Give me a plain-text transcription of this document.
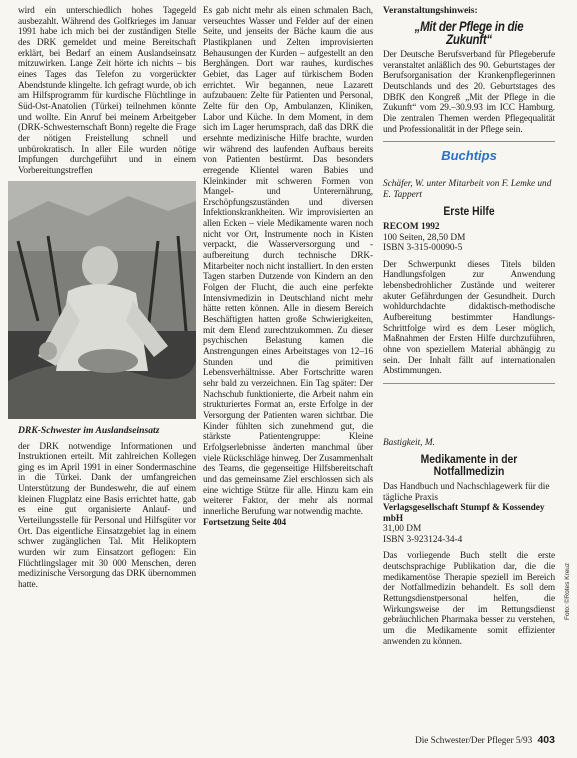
wird ein unterschiedlich hohes Tagegeld ausbezahlt. Während des Golfkrieges im Januar 1991 habe ich mich bei der zuständigen Stelle des DRK gemeldet und meine Bereitschaft erklärt, bei Bedarf an einem Auslandseinsatz mitzuwirken. Lange Zeit hörte ich nichts – bis eines Tages das Telefon zu vorgerückter Abendstunde klingelte. Ich gefragt wurde, ob ich am Hilfsprogramm für kurdische Flüchtlinge in Süd-Ost-Anatolien (Türkei) teilnehmen könnte und wollte. Ein Anruf bei meinem Arbeitgeber (DRK-Schwesternschaft Bonn) regelte die Frage der nötigen Freistellung schnell und unbürokratisch. In aller Eile wurden nötige Impfungen durchgeführt und in einem Vorbereitungstreffen

DRK-Schwester im Auslandseinsatz

der DRK notwendige Informationen und Instruktionen erteilt. Mit zahlreichen Kollegen ging es im April 1991 in einer Sondermaschine in die Türkei. Dank der umfangreichen Unterstützung der Bundeswehr, die auf einem kleinen Flugplatz eine Basis errichtet hatte, gab es eine gut organisierte Anlauf- und Verteilungsstelle für Personal und Hilfsgüter vor Ort. Das eigentliche Einsatzgebiet lag in einem schwer zugänglichen Tal. Mit Helikoptern wurden wir zum Einsatzort geflogen: Ein Flüchtlingslager mit 30 000 Menschen, deren medizinische Versorgung das DRK übernommen hatte.

Es gab nicht mehr als einen schmalen Bach, verseuchtes Wasser und Felder auf der einen Seite, und jenseits der Bäche kaum die aus Plastikplanen und Zelten improvisierten Behausungen der Kurden – aufgestellt an den Berghängen. Dort war rauhes, kurdisches Gebiet, das Lager auf türkischem Boden errichtet. Wir begannen, neue Lazarett aufzubauen: Zelte für Patienten und Personal, Zelte für den Op, Ambulanzen, Kliniken, Labor und Küche. In dem Moment, in dem sich im Lager herumsprach, daß das DRK die ersehnte medizinische Hilfe brachte, wurden wir während des laufenden Aufbaus bereits von Patienten bestürmt. Das besonders erregende Klientel waren Babies und Kleinkinder mit schweren Formen von Mangel- und Unterernährung, Erschöpfungszuständen und diversen Infektionskrankheiten. Wir improvisierten an allen Ecken – viele Medikamente waren noch nicht vor Ort, Instrumente noch in Kisten verpackt, die Wasserversorgung und -aufbereitung durch technische DRK-Mitarbeiter noch nicht installiert. In den ersten Tagen starben Dutzende von Kindern an den Folgen der Flucht, die auch eine perfekte Intensivmedizin in Deutschland nicht mehr hätte retten können. Alle in diesem Bereich Beschäftigten hatten große Schwierigkeiten, mit dem Elend zurechtzukommen. Zu dieser psychischen Belastung kamen die Anstrengungen eines Arbeitstages von 12–16 Stunden und die primitiven Lebensverhältnisse. Aber Fortschritte waren sehr bald zu verzeichnen. Ein Tag später: Der Nachschub funktionierte, die Arbeit nahm ein strukturiertes Format an, erste Erfolge in der Versorgung der Patienten waren sichtbar. Die Kinder fühlten sich zunehmend gut, die stärkste Patientengruppe: Kleine Erfolgserlebnisse änderten manchmal über viele Rückschläge hinweg. Der Zusammenhalt des Teams, die gegenseitige Hilfsbereitschaft und das gemeinsame Ziel erschlossen sich als eine wichtige Stütze für alle. Hinzu kam ein weiterer Faktor, der mehr als normal innerliche Berufung war notwendig machte.

Fortsetzung Seite 404

Veranstaltungshinweis:

„Mit der Pflege in die Zukunft“

Der Deutsche Berufsverband für Pflegeberufe veranstaltet anläßlich des 90. Geburtstages der Berufsorganisation der Krankenpflegerinnen Deutschlands und des 20. Geburtstages des DBfK den Kongreß „Mit der Pflege in die Zukunft“ vom 29.–30.9.93 im ICC Hamburg. Die zentralen Themen werden Pflegequalität und Professionalität in der Pflege sein.

Buchtips

Schäfer, W. unter Mitarbeit von F. Lemke und E. Tappert

Erste Hilfe

RECOM 1992

100 Seiten, 28,50 DM

ISBN 3-315-00090-5

Der Schwerpunkt dieses Titels bilden Handlungsfolgen zur Anwendung lebensbedrohlicher Zustände und weiterer akuter Gefährdungen der Gesundheit. Durch wohldurchdachte didaktisch-methodische Aufbereitung bestimmter Handlungs-Schrittfolge wird es dem Leser möglich, Maßnahmen der Ersten Hilfe durchzuführen, ohne von speziellem Material abhängig zu sein. Der Inhalt fällt auf internationalen Abstimmungen.

Bastigkeit, M.

Medikamente in der Notfallmedizin

Das Handbuch und Nachschlagewerk für die tägliche Praxis

Verlagsgesellschaft Stumpf & Kossendey mbH

31,00 DM

ISBN 3-923124-34-4

Das vorliegende Buch stellt die erste deutschsprachige Publikation dar, die die medikamentöse Therapie speziell im Bereich der Notfallmedizin behandelt. Es soll dem Rettungsdienstpersonal helfen, die Wirkungsweise der im Rettungsdienst gebräuchlichen Pharmaka besser zu verstehen, um die Medikamente somit effizienter anwenden zu können.

Foto: ©Rotes Kreuz
Die Schwester/Der Pfleger 5/93 403
